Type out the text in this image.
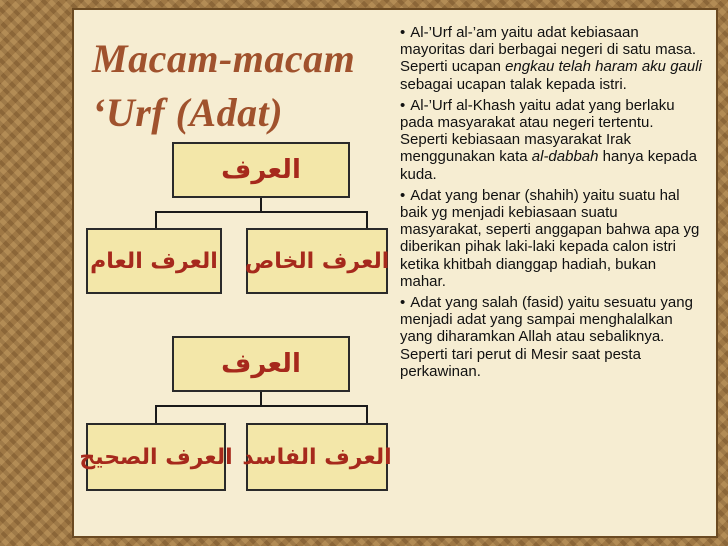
Macam-macam
‘Urf (Adat)
العرف
العرف العام العرف الخاص
العرف
العرف الصحيح العرف الفاسد
• Al-’Urf al-’am yaitu adat kebiasaan mayoritas dari berbagai negeri di satu masa. Seperti ucapan engkau telah haram aku gauli sebagai ucapan talak kepada istri.
• Al-’Urf al-Khash yaitu adat yang berlaku pada masyarakat atau negeri tertentu. Seperti kebiasaan masyarakat Irak menggunakan kata al-dabbah hanya kepada kuda.
• Adat yang benar (shahih) yaitu suatu hal baik yg menjadi kebiasaan suatu masyarakat, seperti anggapan bahwa apa yg diberikan pihak laki-laki kepada calon istri ketika khitbah dianggap hadiah, bukan mahar.
• Adat yang salah (fasid) yaitu sesuatu yang menjadi adat yang sampai menghalalkan yang diharamkan Allah atau sebaliknya. Seperti tari perut di Mesir saat pesta perkawinan.
